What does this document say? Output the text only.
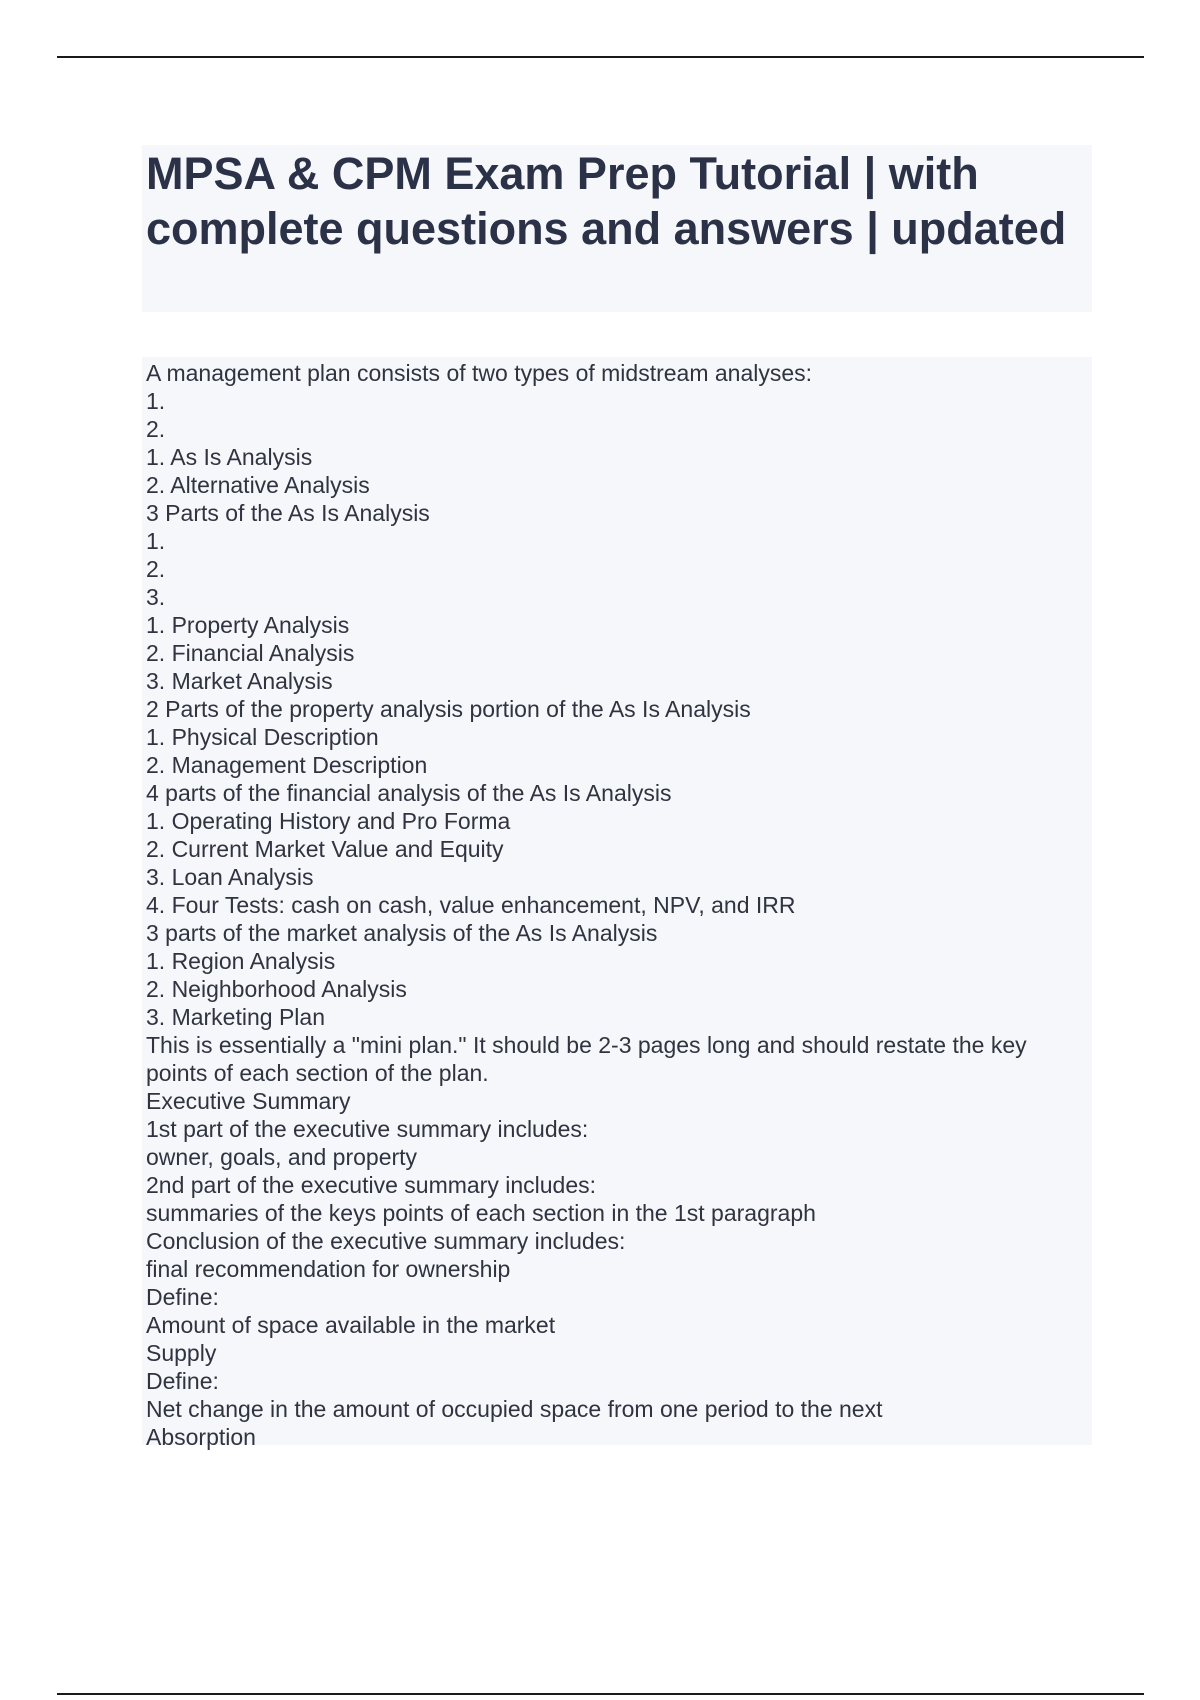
MPSA & CPM Exam Prep Tutorial | with complete questions and answers | updated
A management plan consists of two types of midstream analyses:
1.
2.
1. As Is Analysis
2. Alternative Analysis
3 Parts of the As Is Analysis
1.
2.
3.
1. Property Analysis
2. Financial Analysis
3. Market Analysis
2 Parts of the property analysis portion of the As Is Analysis
1. Physical Description
2. Management Description
4 parts of the financial analysis of the As Is Analysis
1. Operating History and Pro Forma
2. Current Market Value and Equity
3. Loan Analysis
4. Four Tests: cash on cash, value enhancement, NPV, and IRR
3 parts of the market analysis of the As Is Analysis
1. Region Analysis
2. Neighborhood Analysis
3. Marketing Plan
This is essentially a "mini plan." It should be 2-3 pages long and should restate the key
points of each section of the plan.
Executive Summary
1st part of the executive summary includes:
owner, goals, and property
2nd part of the executive summary includes:
summaries of the keys points of each section in the 1st paragraph
Conclusion of the executive summary includes:
final recommendation for ownership
Define:
Amount of space available in the market
Supply
Define:
Net change in the amount of occupied space from one period to the next
Absorption
